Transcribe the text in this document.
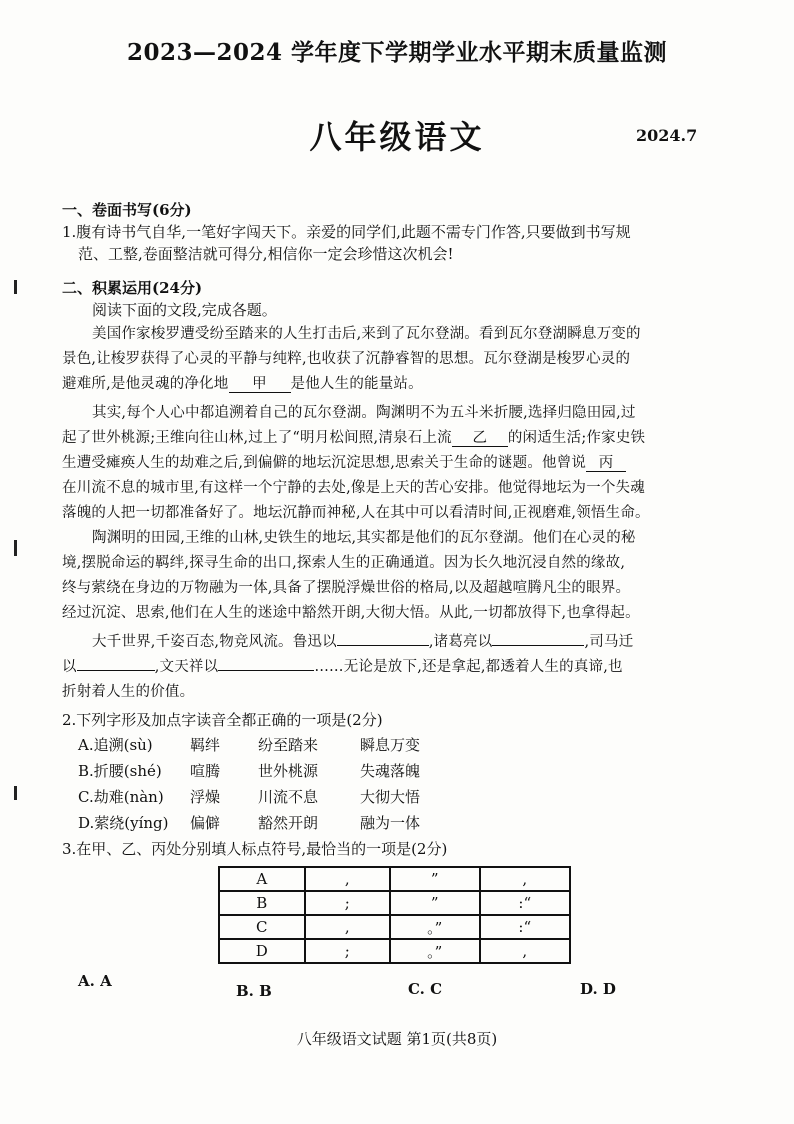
2023—2024 学年度下学期学业水平期末质量监测
八年级语文	2024.7
一、卷面书写(6分)
1.腹有诗书气自华,一笔好字闯天下。亲爱的同学们,此题不需专门作答,只要做到书写规
范、工整,卷面整洁就可得分,相信你一定会珍惜这次机会!
二、积累运用(24分)
阅读下面的文段,完成各题。
美国作家梭罗遭受纷至踏来的人生打击后,来到了瓦尔登湖。看到瓦尔登湖瞬息万变的
景色,让梭罗获得了心灵的平静与纯粹,也收获了沉静睿智的思想。瓦尔登湖是梭罗心灵的
避难所,是他灵魂的净化地 甲 是他人生的能量站。
其实,每个人心中都追溯着自己的瓦尔登湖。陶渊明不为五斗米折腰,选择归隐田园,过
起了世外桃源;王维向往山林,过上了“明月松间照,清泉石上流 乙 的闲适生活;作家史铁
生遭受瘫痪人生的劫难之后,到偏僻的地坛沉淀思想,思索关于生命的谜题。他曾说 丙
在川流不息的城市里,有这样一个宁静的去处,像是上天的苦心安排。他觉得地坛为一个失魂
落魄的人把一切都准备好了。地坛沉静而神秘,人在其中可以看清时间,正视磨难,领悟生命。
陶渊明的田园,王维的山林,史铁生的地坛,其实都是他们的瓦尔登湖。他们在心灵的秘
境,摆脱命运的羁绊,探寻生命的出口,探索人生的正确通道。因为长久地沉浸自然的缘故,
终与萦绕在身边的万物融为一体,具备了摆脱浮燥世俗的格局,以及超越喧腾凡尘的眼界。
经过沉淀、思索,他们在人生的迷途中豁然开朗,大彻大悟。从此,一切都放得下,也拿得起。
大千世界,千姿百态,物竞风流。鲁迅以	,诸葛亮以	,司马迁
以	,文天祥以	……无论是放下,还是拿起,都透着人生的真谛,也
折射着人生的价值。
2.下列字形及加点字读音全都正确的一项是(2分)
A.追溯(sù) 羁绊	纷至踏来	瞬息万变
B.折腰(shé) 喧腾	世外桃源	失魂落魄
C.劫难(nàn) 浮燥	川流不息	大彻大悟
D.萦绕(yíng) 偏僻	豁然开朗	融为一体
3.在甲、乙、丙处分别填人标点符号,最恰当的一项是(2分)
A	,	”	,
B	;	”	:“
C	,	。”	:“
D	;	。”	,
A. A
B. B	C. C	D. D
八年级语文试题 第1页(共8页)
